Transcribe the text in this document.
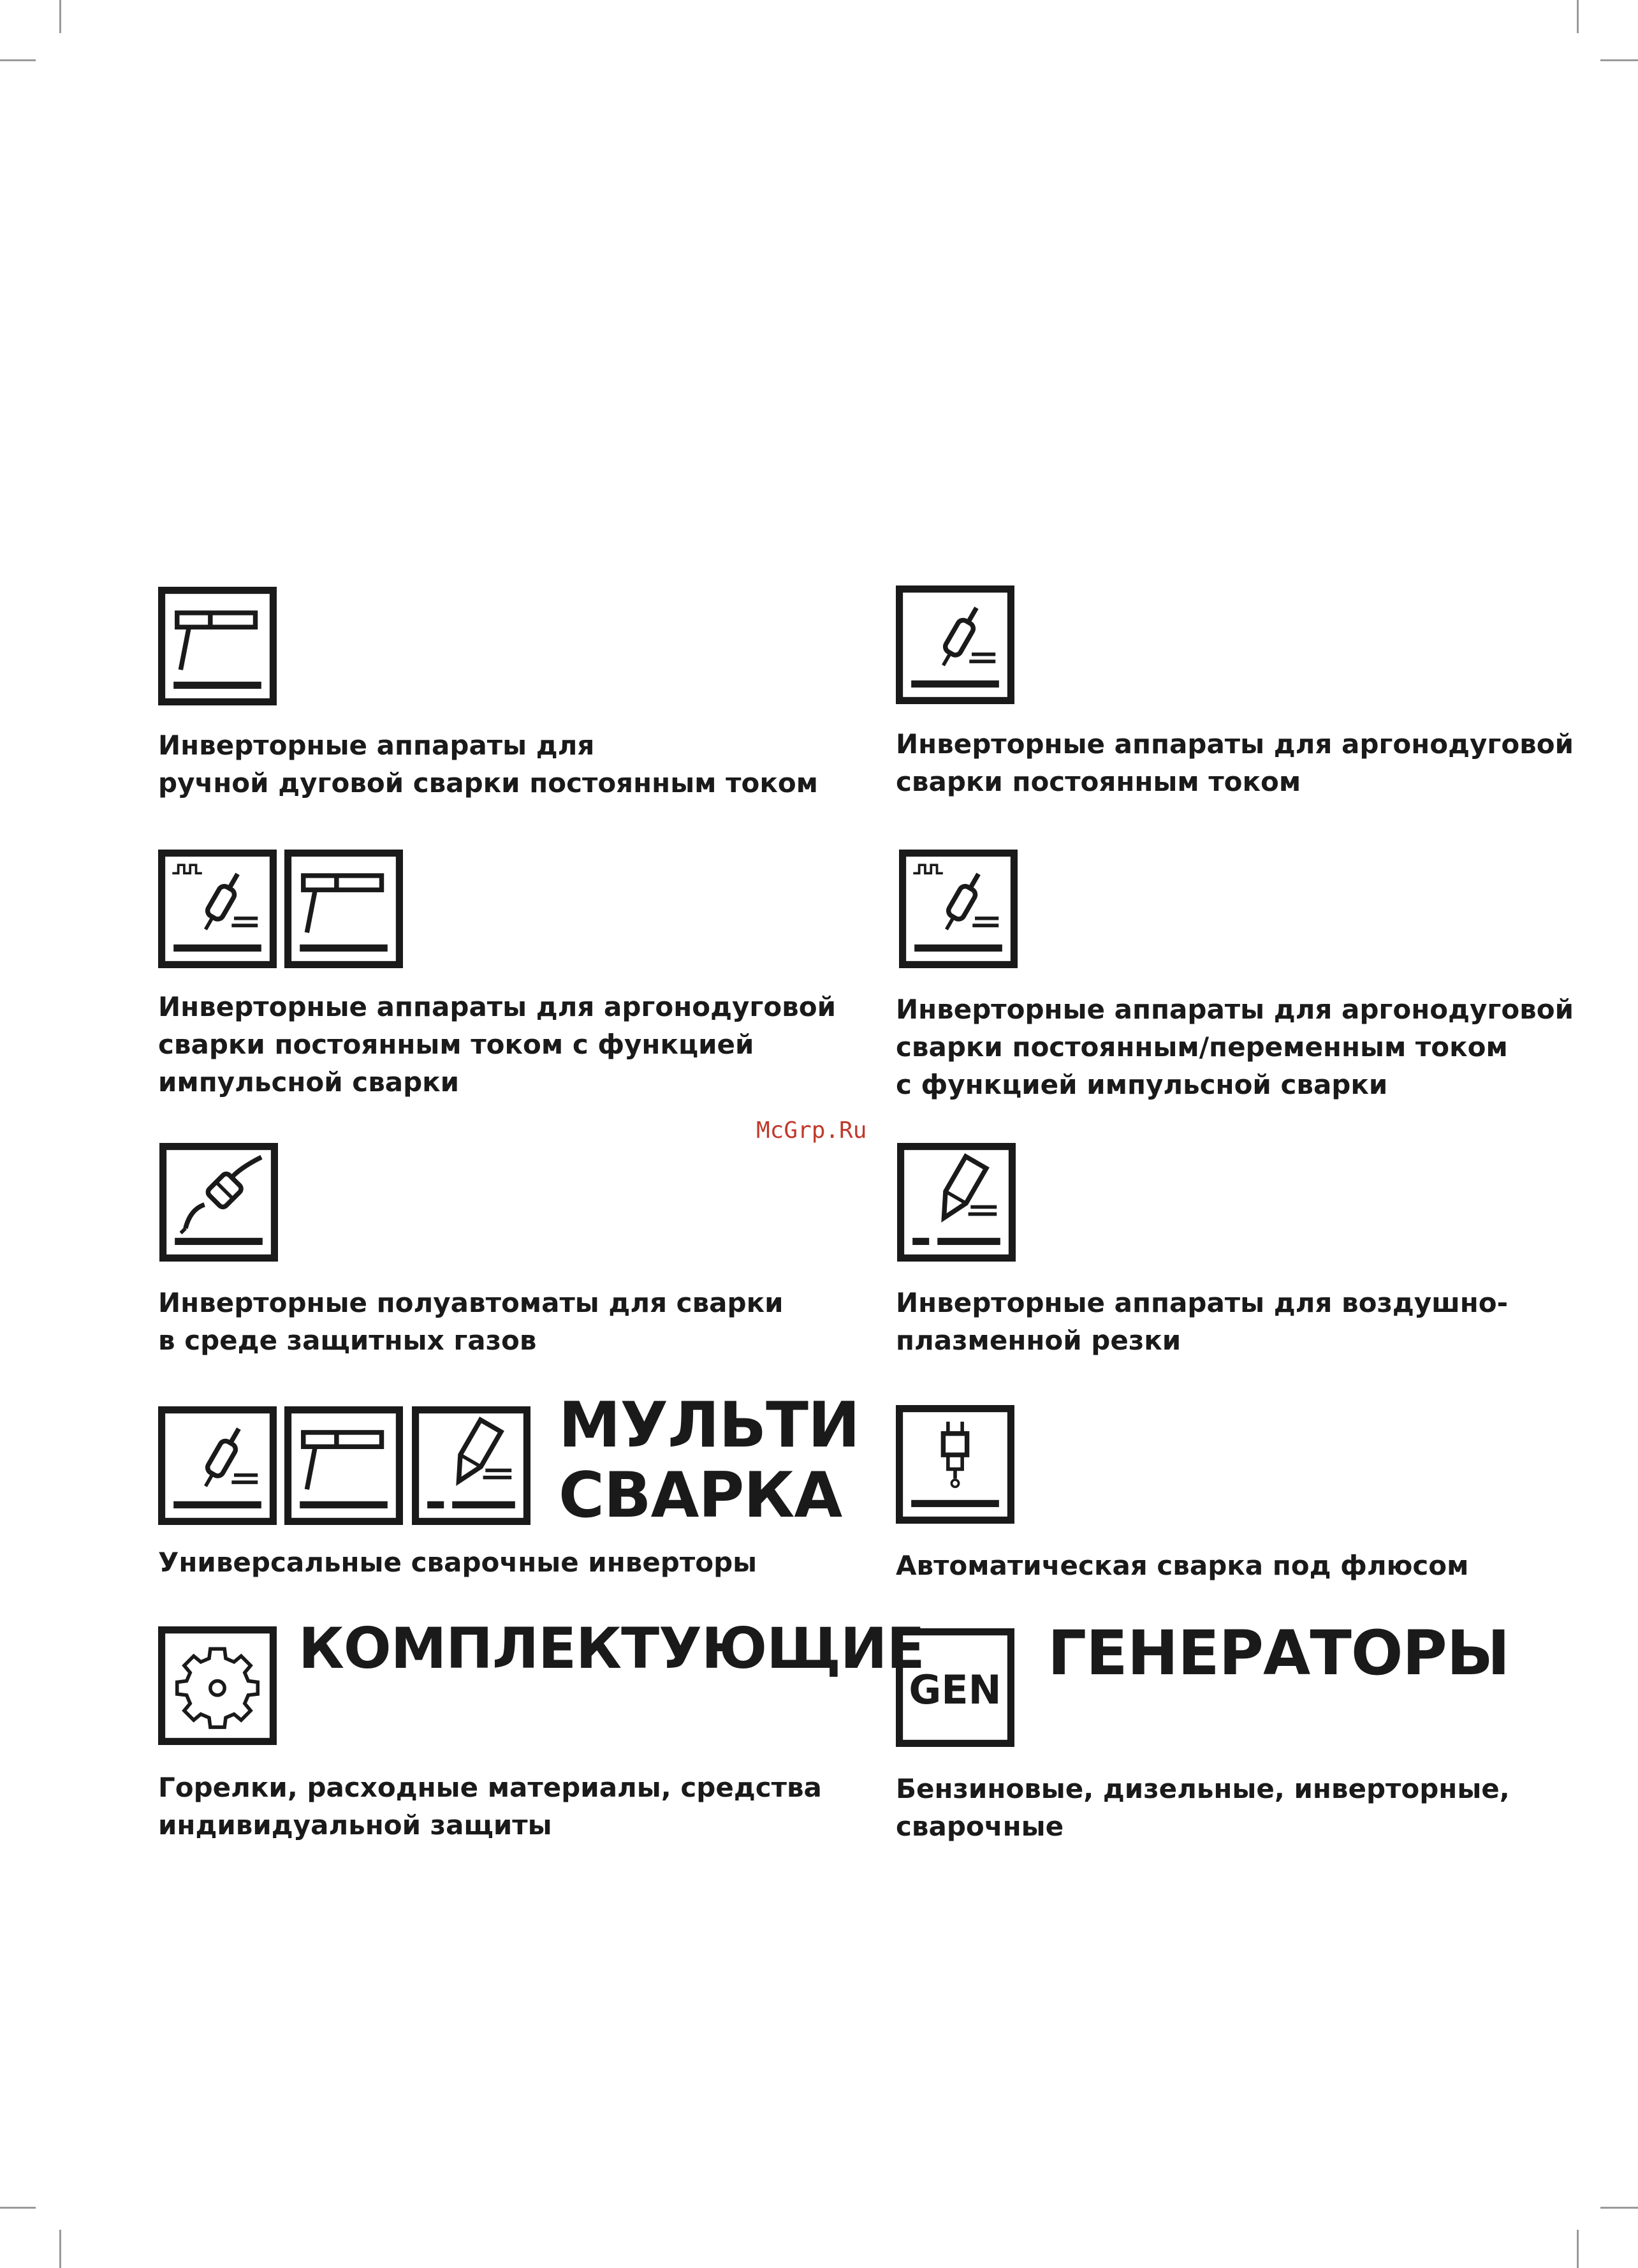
Инверторные аппараты для
ручной дуговой сварки постоянным током
Инверторные аппараты для аргонодуговой
сварки постоянным током
Инверторные аппараты для аргонодуговой
сварки постоянным током с функцией
импульсной сварки
Инверторные аппараты для аргонодуговой
сварки постоянным/переменным током
с функцией импульсной сварки
McGrp.Ru
Инверторные полуавтоматы для сварки
в среде защитных газов
Инверторные аппараты для воздушно-
плазменной резки
МУЛЬТИ
СВАРКА
Универсальные сварочные инверторы	Автоматическая сварка под флюсом
КОМПЛЕКТУЮЩИЕ
Горелки, расходные материалы, средства
индивидуальной защиты
GEN
ГЕНЕРАТОРЫ
Бензиновые, дизельные, инверторные,
сварочные
